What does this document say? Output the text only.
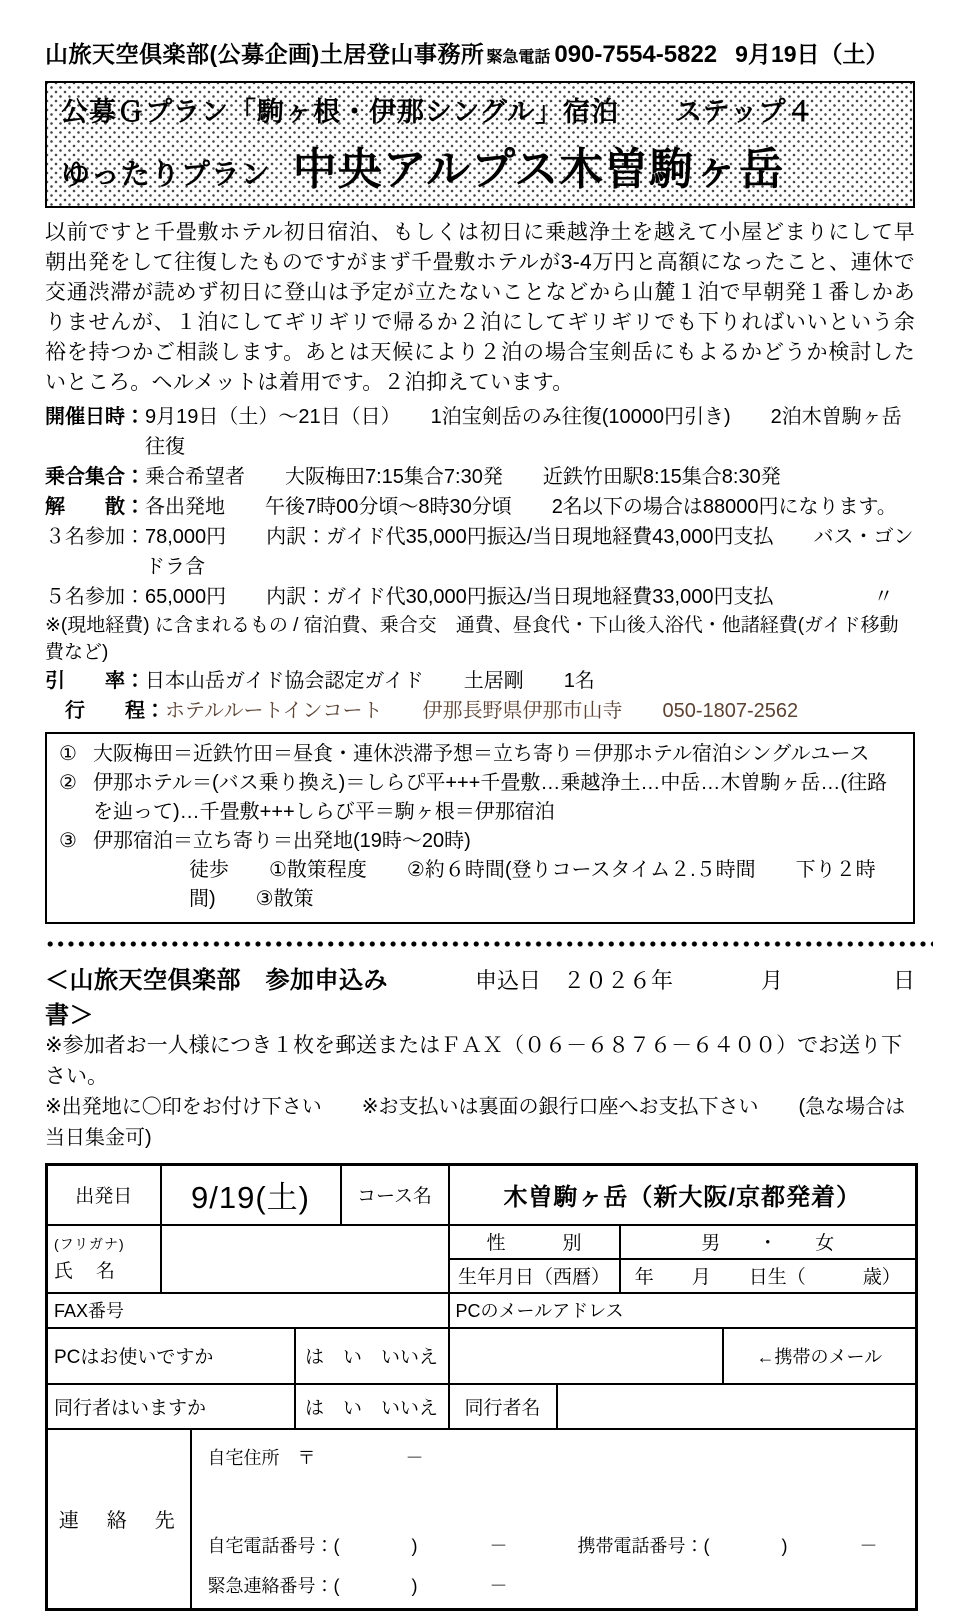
山旅天空倶楽部(公募企画)土居登山事務所 緊急電話 090-7554-5822 9月19日（土）
公募Ｇプラン「駒ヶ根・伊那シングル」宿泊　　ステップ４
ゆったりプラン 中央アルプス木曽駒ヶ岳
以前ですと千畳敷ホテル初日宿泊、もしくは初日に乗越浄土を越えて小屋どまりにして早朝出発をして往復したものですがまず千畳敷ホテルが3-4万円と高額になったこと、連休で交通渋滞が読めず初日に登山は予定が立たないことなどから山麓１泊で早朝発１番しかありませんが、１泊にしてギリギリで帰るか２泊にしてギリギリでも下りればいいという余裕を持つかご相談します。あとは天候により２泊の場合宝剣岳にもよるかどうか検討したいところ。ヘルメットは着用です。２泊抑えています。
開催日時： 9月19日（土）～21日（日）　　1泊宝剣岳のみ往復(10000円引き)　　2泊木曽駒ヶ岳往復
乗合集合： 乗合希望者　　大阪梅田7:15集合7:30発　　近鉄竹田駅8:15集合8:30発
解　　散： 各出発地　　午後7時00分頃～8時30分頃　　2名以下の場合は88000円になります。
３名参加： 78,000円　　内訳：ガイド代35,000円振込/当日現地経費43,000円支払　　バス・ゴンドラ含
５名参加： 65,000円　　内訳：ガイド代30,000円振込/当日現地経費33,000円支払　　　　　〃
※(現地経費) に含まれるもの / 宿泊費、乗合交　通費、昼食代・下山後入浴代・他諸経費(ガイド移動費など)
引　　率： 日本山岳ガイド協会認定ガイド　　土居剛　　1名
　行　　程： ホテルルートインコート　　伊那長野県伊那市山寺　　050-1807-2562
① 大阪梅田＝近鉄竹田＝昼食・連休渋滞予想＝立ち寄り＝伊那ホテル宿泊シングルユース
② 伊那ホテル＝(バス乗り換え)＝しらぴ平+++千畳敷…乗越浄土…中岳…木曽駒ヶ岳…(往路を辿って)…千畳敷+++しらび平＝駒ヶ根＝伊那宿泊
③ 伊那宿泊＝立ち寄り＝出発地(19時～20時)
徒歩　　①散策程度　　②約６時間(登りコースタイム２.５時間　　下り２時間)　　③散策
＜山旅天空倶楽部　参加申込み書＞
申込日　２０２６年　　　　月　　　　　日
※参加者お一人様につき１枚を郵送またはＦＡＸ（０６－６８７６－６４００）でお送り下さい。
※出発地に〇印をお付け下さい　　※お支払いは裏面の銀行口座へお支払下さい　　(急な場合は当日集金可)
出発日	9/19(土)			コース名	木曽駒ヶ岳（新大阪/京都発着）			

(フリガナ)
氏　名					性　　　別		男　　・　　女	
					生年月日（西暦）		年　　月　　日生（　　　歳）	
FAX番号					PCのメールアドレス			
PCはお使いですか			は　い　いいえ					←携帯のメール
同行者はいますか			は　い　いいえ		同行者名			
連　絡　先		自宅住所　〒　　　　　－
自宅電話番号：(　　　　)　　　　－ 携帯電話番号：(　　　　)　　　　－
緊急連絡番号：(　　　　)　　　　－						
